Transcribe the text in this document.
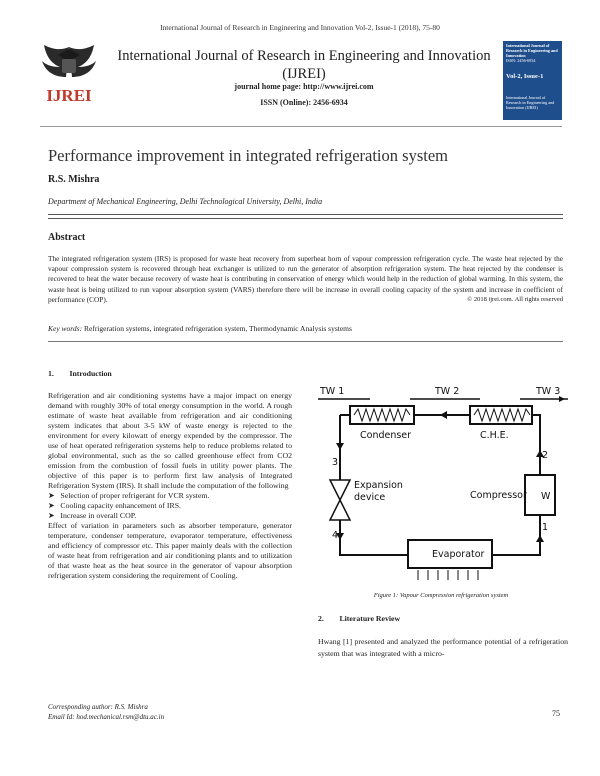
International Journal of Research in Engineering and Innovation Vol-2, Issue-1 (2018), 75-80
IJREI
International Journal of Research in Engineering and Innovation
(IJREI)
journal home page: http://www.ijrei.com
ISSN (Online): 2456-6934
International Journal of Research in Engineering and Innovation
ISSN: 2456-6934
Vol-2, Issue-1
International Journal of Research in Engineering and Innovation (IJREI)
Performance improvement in integrated refrigeration system
R.S. Mishra
Department of Mechanical Engineering, Delhi Technological University, Delhi, India
Abstract
The integrated refrigeration system (IRS) is proposed for waste heat recovery from superheat horn of vapour compression refrigeration cycle. The waste heat rejected by the vapour compression system is recovered through heat exchanger is utilized to run the generator of absorption refrigeration system. The heat rejected by the condenser is recovered to heat the water because recovery of waste heat is contributing in conservation of energy which would help in the reduction of global warming. In this system, the waste heat is being utilized to run vapour absorption system (VARS) therefore there will be increase in overall cooling capacity of the system and increase in coefficient of performance (COP).	© 2018 ijrei.com. All rights reserved
Key words: Refrigeration systems, integrated refrigeration system, Thermodynamic Analysis systems
1.        Introduction
Refrigeration and air conditioning systems have a major impact on energy demand with roughly 30% of total energy consumption in the world. A rough estimate of waste heat available from refrigeration and air conditioning system indicates that about 3-5 kW of waste energy is rejected to the environment for every kilowatt of energy expended by the compressor. The use of heat operated refrigeration systems help to reduce problems related to global environmental, such as the so called greenhouse effect from CO2 emission from the combustion of fossil fuels in utility power plants. The objective of this paper is to perform first law analysis of Integrated Refrigeration System (IRS). It shall include the computation of the following
➤   Selection of proper refrigerant for VCR system.
➤   Cooling capacity enhancement of IRS.
➤   Increase in overall COP.
Effect of variation in parameters such as absorber temperature, generator temperature, condenser temperature, evaporator temperature, effectiveness and efficiency of compressor etc. This paper mainly deals with the collection of waste heat from refrigeration and air conditioning plants and to utilization of that waste heat as the heat source in the generator of vapour absorption refrigeration system considering the requirement of Cooling.
TW 1	TW 2	TW 3
Condenser	C.H.E.
Expansion
device	Compressor W
Evaporator
1
2
3
4
Figure 1: Vapour Compression refrigeration system
2.        Literature Review
Hwang [1] presented and analyzed the performance potential of a refrigeration system that was integrated with a micro-
Corresponding author: R.S. Mishra
Email Id: hod.mechanical.rsm@dtu.ac.in	75
